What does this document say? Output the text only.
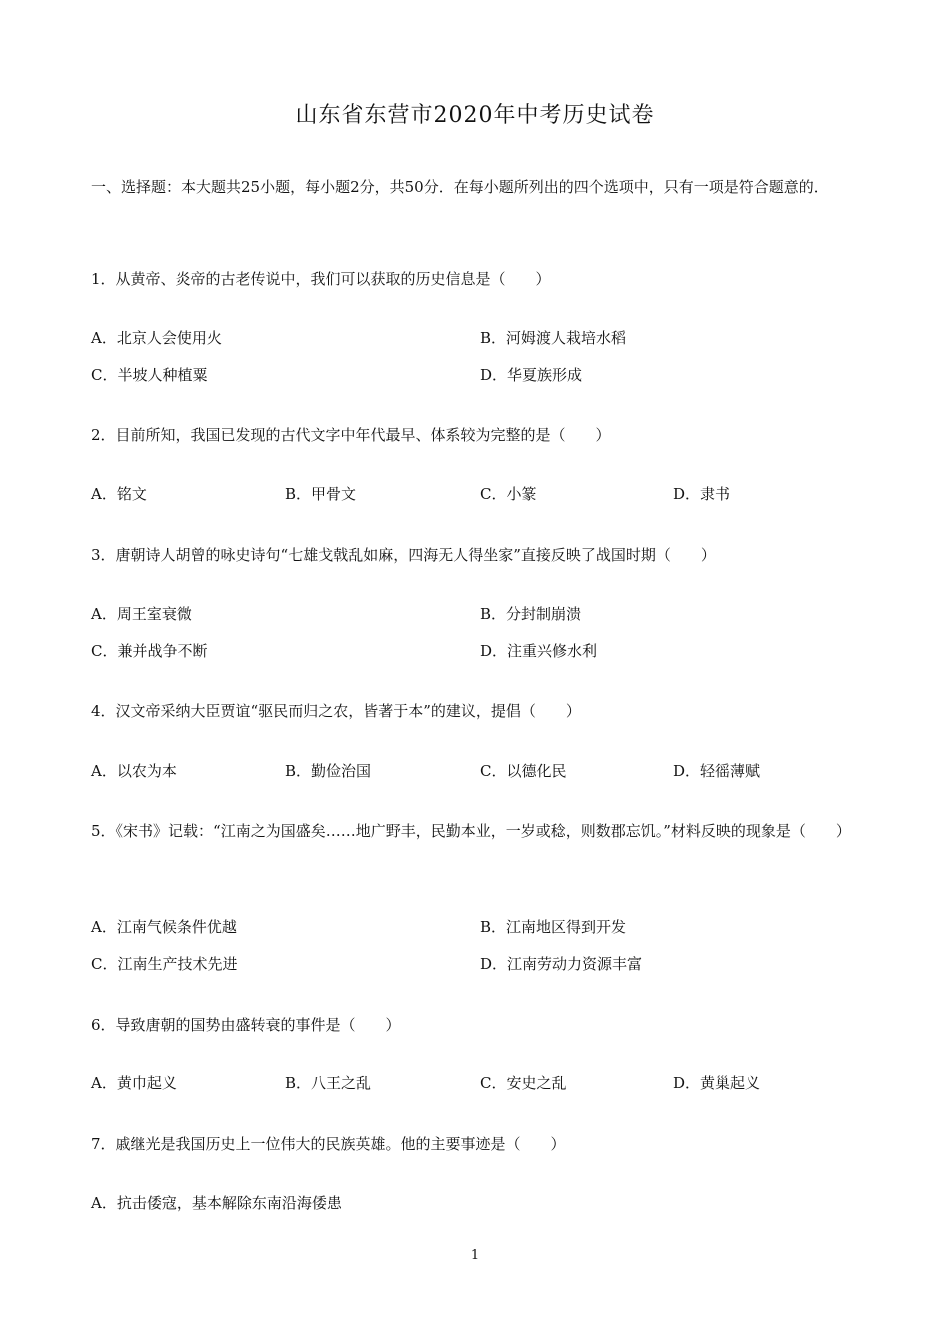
山东省东营市2020年中考历史试卷
一、选择题：本大题共25小题，每小题2分，共50分．在每小题所列出的四个选项中，只有一项是符合题意的．
1．从黄帝、炎帝的古老传说中，我们可以获取的历史信息是（　　）
A．北京人会使用火	B．河姆渡人栽培水稻
C．半坡人种植粟	D．华夏族形成
2．目前所知，我国已发现的古代文字中年代最早、体系较为完整的是（　　）
A．铭文	B．甲骨文	C．小篆	D．隶书
3．唐朝诗人胡曾的咏史诗句“七雄戈戟乱如麻，四海无人得坐家”直接反映了战国时期（　　）
A．周王室衰微	B．分封制崩溃
C．兼并战争不断	D．注重兴修水利
4．汉文帝采纳大臣贾谊“驱民而归之农，皆著于本”的建议，提倡（　　）
A．以农为本	B．勤俭治国	C．以德化民	D．轻徭薄赋
5．《宋书》记载：“江南之为国盛矣……地广野丰，民勤本业，一岁或稔，则数郡忘饥。”材料反映的现象是（　　）
A．江南气候条件优越	B．江南地区得到开发
C．江南生产技术先进	D．江南劳动力资源丰富
6．导致唐朝的国势由盛转衰的事件是（　　）
A．黄巾起义	B．八王之乱	C．安史之乱	D．黄巢起义
7．戚继光是我国历史上一位伟大的民族英雄。他的主要事迹是（　　）
A．抗击倭寇，基本解除东南沿海倭患
1
